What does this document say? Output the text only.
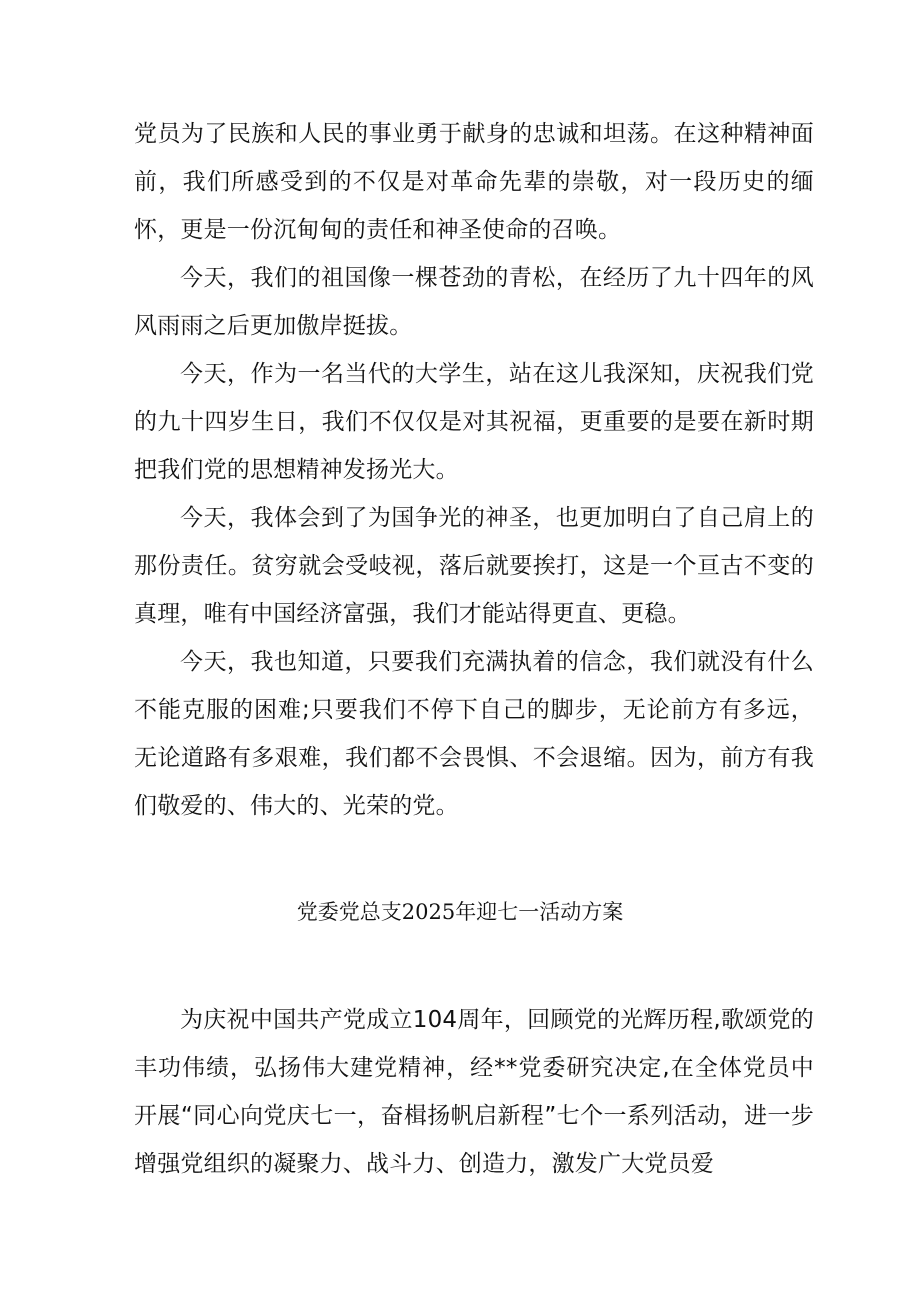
党员为了民族和人民的事业勇于献身的忠诚和坦荡。在这种精神面前，我们所感受到的不仅是对革命先辈的崇敬，对一段历史的缅怀，更是一份沉甸甸的责任和神圣使命的召唤。

今天，我们的祖国像一棵苍劲的青松，在经历了九十四年的风风雨雨之后更加傲岸挺拔。

今天，作为一名当代的大学生，站在这儿我深知，庆祝我们党的九十四岁生日，我们不仅仅是对其祝福，更重要的是要在新时期把我们党的思想精神发扬光大。

今天，我体会到了为国争光的神圣，也更加明白了自己肩上的那份责任。贫穷就会受岐视，落后就要挨打，这是一个亘古不变的真理，唯有中国经济富强，我们才能站得更直、更稳。

今天，我也知道，只要我们充满执着的信念，我们就没有什么不能克服的困难;只要我们不停下自己的脚步，无论前方有多远，无论道路有多艰难，我们都不会畏惧、不会退缩。因为，前方有我们敬爱的、伟大的、光荣的党。

党委党总支2025年迎七一活动方案

为庆祝中国共产党成立104周年，回顾党的光辉历程,歌颂党的丰功伟绩，弘扬伟大建党精神，经**党委研究决定,在全体党员中开展“同心向党庆七一，奋楫扬帆启新程”七个一系列活动，进一步增强党组织的凝聚力、战斗力、创造力，激发广大党员爱
